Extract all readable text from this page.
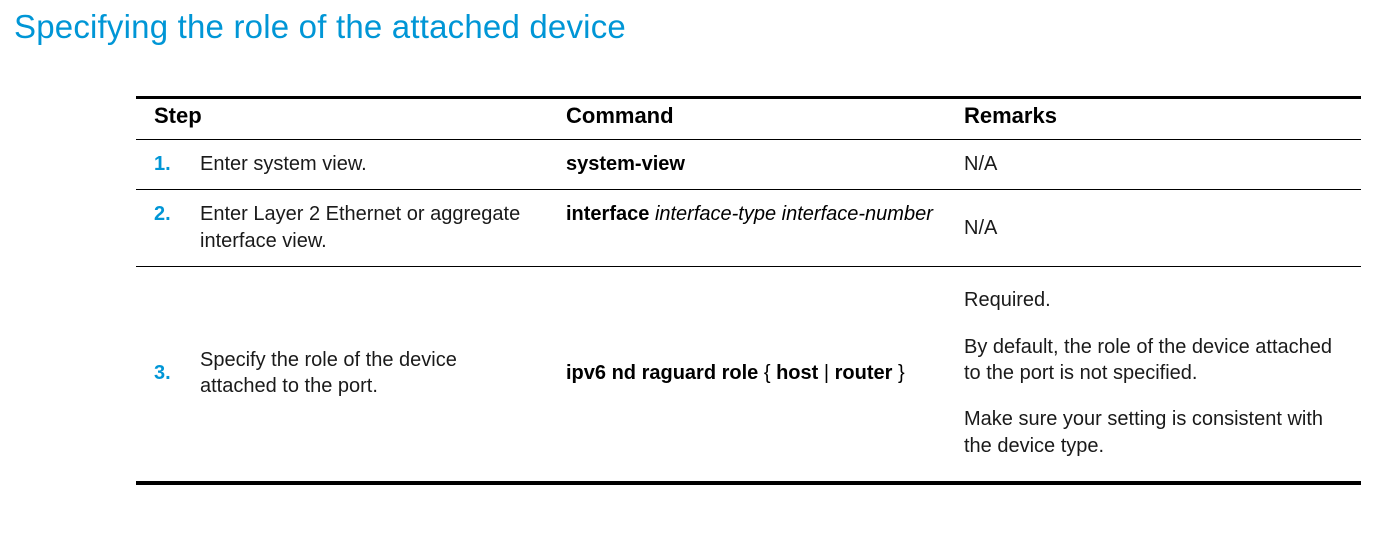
Specifying the role of the attached device
Step		Command	Remarks
1.	Enter system view.	system-view	N/A

2.	Enter Layer 2 Ethernet or aggregate interface view.	interface interface-type interface-number	N/A

3.	Specify the role of the device attached to the port.	ipv6 nd raguard role { host | router }	Required.

By default, the role of the device attached to the port is not specified.

Make sure your setting is consistent with the device type.
